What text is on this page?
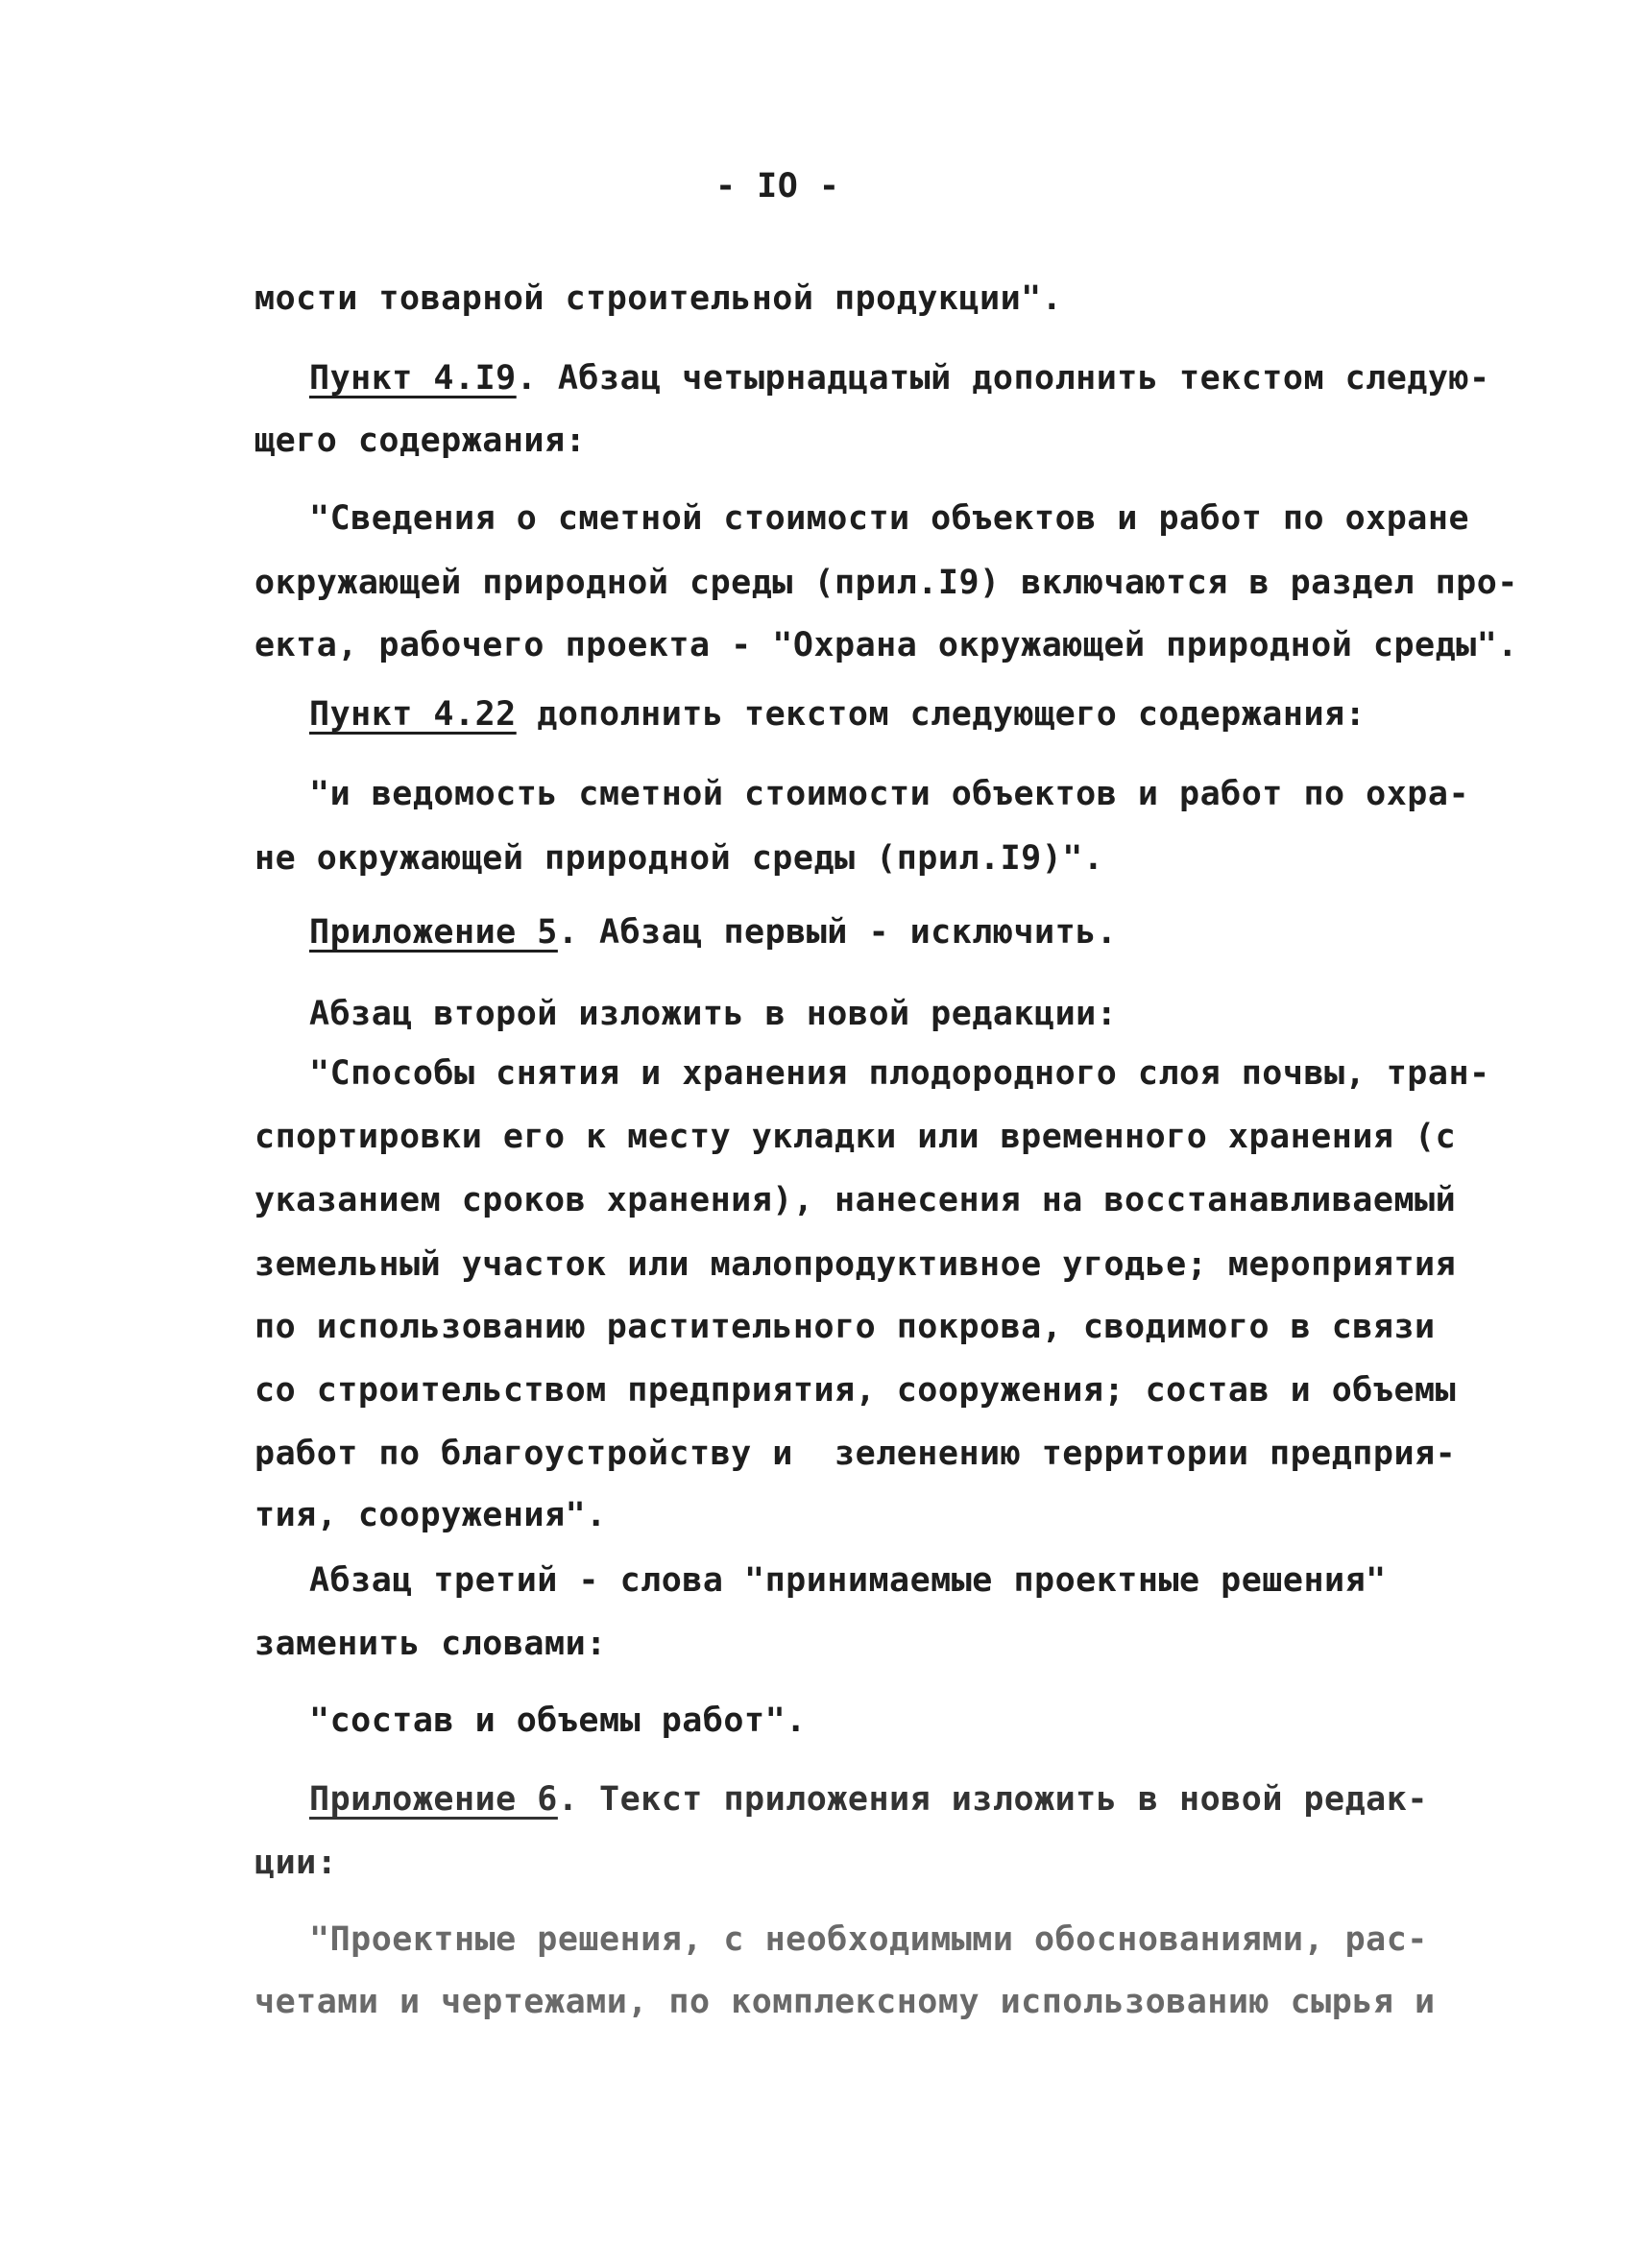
- IO -
мости товарной строительной продукции".
Пункт 4.I9. Абзац четырнадцатый дополнить текстом следую-
щего содержания:
"Сведения о сметной стоимости объектов и работ по охране
окружающей природной среды (прил.I9) включаются в раздел про-
екта, рабочего проекта - "Охрана окружающей природной среды".
Пункт 4.22 дополнить текстом следующего содержания:
"и ведомость сметной стоимости объектов и работ по охра-
не окружающей природной среды (прил.I9)".
Приложение 5. Абзац первый - исключить.
Абзац второй изложить в новой редакции:
"Способы снятия и хранения плодородного слоя почвы, тран-
спортировки его к месту укладки или временного хранения (с
указанием сроков хранения), нанесения на восстанавливаемый
земельный участок или малопродуктивное угодье; мероприятия
по использованию растительного покрова, сводимого в связи
со строительством предприятия, сооружения; состав и объемы
работ по благоустройству и  зеленению территории предприя-
тия, сооружения".
Абзац третий - слова "принимаемые проектные решения"
заменить словами:
"состав и объемы работ".
Приложение 6. Текст приложения изложить в новой редак-
ции:
"Проектные решения, с необходимыми обоснованиями, рас-
четами и чертежами, по комплексному использованию сырья и
